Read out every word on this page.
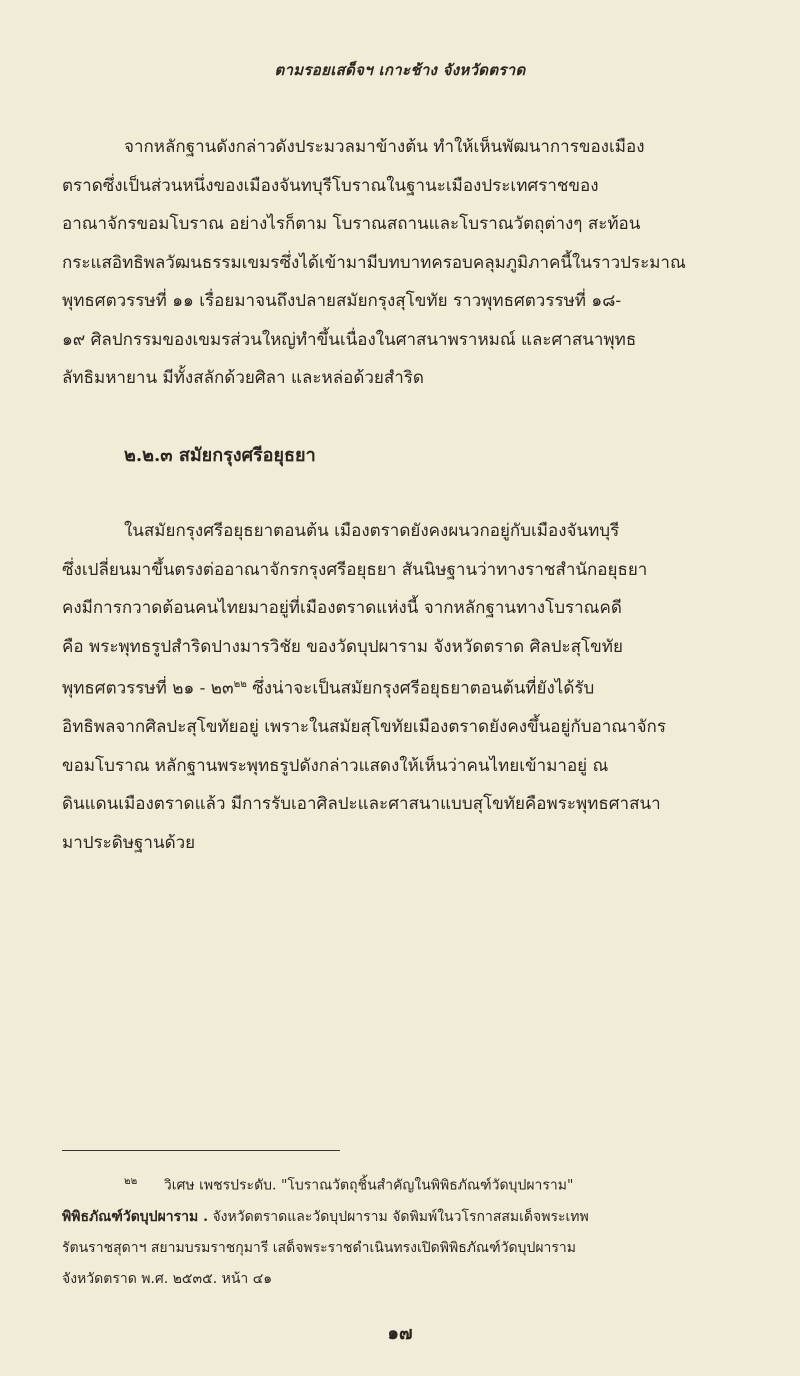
ตามรอยเสด็จฯ เกาะช้าง จังหวัดตราด
จากหลักฐานดังกล่าวดังประมวลมาข้างต้น ทำให้เห็นพัฒนาการของเมือง
ตราดซึ่งเป็นส่วนหนึ่งของเมืองจันทบุรีโบราณในฐานะเมืองประเทศราชของ
อาณาจักรขอมโบราณ อย่างไรก็ตาม โบราณสถานและโบราณวัตถุต่างๆ สะท้อน
กระแสอิทธิพลวัฒนธรรมเขมรซึ่งได้เข้ามามีบทบาทครอบคลุมภูมิภาคนี้ในราวประมาณ
พุทธศตวรรษที่ ๑๑ เรื่อยมาจนถึงปลายสมัยกรุงสุโขทัย ราวพุทธศตวรรษที่ ๑๘-
๑๙ ศิลปกรรมของเขมรส่วนใหญ่ทำขึ้นเนื่องในศาสนาพราหมณ์ และศาสนาพุทธ
ลัทธิมหายาน มีทั้งสลักด้วยศิลา และหล่อด้วยสำริด
๒.๒.๓ สมัยกรุงศรีอยุธยา
ในสมัยกรุงศรีอยุธยาตอนต้น เมืองตราดยังคงผนวกอยู่กับเมืองจันทบุรี
ซึ่งเปลี่ยนมาขึ้นตรงต่ออาณาจักรกรุงศรีอยุธยา สันนิษฐานว่าทางราชสำนักอยุธยา
คงมีการกวาดต้อนคนไทยมาอยู่ที่เมืองตราดแห่งนี้ จากหลักฐานทางโบราณคดี
คือ พระพุทธรูปสำริดปางมารวิชัย ของวัดบุปผาราม จังหวัดตราด ศิลปะสุโขทัย
พุทธศตวรรษที่ ๒๑ - ๒๓$^{๒๒}$ ซึ่งน่าจะเป็นสมัยกรุงศรีอยุธยาตอนต้นที่ยังได้รับ
อิทธิพลจากศิลปะสุโขทัยอยู่ เพราะในสมัยสุโขทัยเมืองตราดยังคงขึ้นอยู่กับอาณาจักร
ขอมโบราณ หลักฐานพระพุทธรูปดังกล่าวแสดงให้เห็นว่าคนไทยเข้ามาอยู่ ณ
ดินแดนเมืองตราดแล้ว มีการรับเอาศิลปะและศาสนาแบบสุโขทัยคือพระพุทธศาสนา
มาประดิษฐานด้วย
$^{๒๒}$ วิเศษ เพชรประดับ. "โบราณวัตถุชิ้นสำคัญในพิพิธภัณฑ์วัดบุปผาราม"
พิพิธภัณฑ์วัดบุปผาราม . จังหวัดตราดและวัดบุปผาราม จัดพิมพ์ในวโรกาสสมเด็จพระเทพ
รัตนราชสุดาฯ สยามบรมราชกุมารี เสด็จพระราชดำเนินทรงเปิดพิพิธภัณฑ์วัดบุปผาราม
จังหวัดตราด พ.ศ. ๒๕๓๕. หน้า ๔๑
๑๗
